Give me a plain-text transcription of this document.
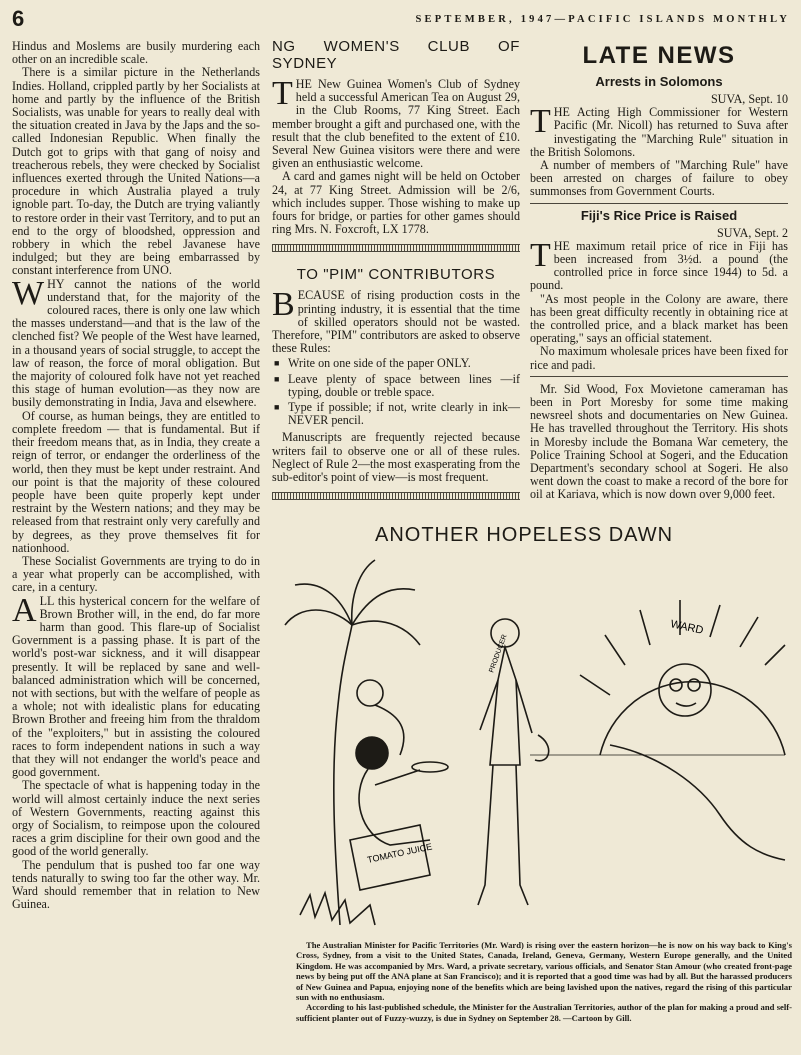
6	SEPTEMBER, 1947—PACIFIC ISLANDS MONTHLY

Hindus and Moslems are busily murdering each other on an incredible scale.

There is a similar picture in the Netherlands Indies. Holland, crippled partly by her Socialists at home and partly by the influence of the British Socialists, was unable for years to really deal with the situation created in Java by the Japs and the so-called Indonesian Republic. When finally the Dutch got to grips with that gang of noisy and treacherous rebels, they were checked by Socialist influences exerted through the United Nations—a procedure in which Australia played a truly ignoble part. To-day, the Dutch are trying valiantly to restore order in their vast Territory, and to put an end to the orgy of bloodshed, oppression and robbery in which the rebel Javanese have indulged; but they are being embarrassed by constant interference from UNO.

WHY cannot the nations of the world understand that, for the majority of the coloured races, there is only one law which the masses understand—and that is the law of the clenched fist? We people of the West have learned, in a thousand years of social struggle, to accept the law of reason, the force of moral obligation. But the majority of coloured folk have not yet reached this stage of human evolution—as they now are busily demonstrating in India, Java and elsewhere.

Of course, as human beings, they are entitled to complete freedom — that is fundamental. But if their freedom means that, as in India, they create a reign of terror, or endanger the orderliness of the world, then they must be kept under restraint. And our point is that the majority of these coloured people have been quite properly kept under restraint by the Western nations; and they may be released from that restraint only very carefully and by degrees, as they prove themselves fit for nationhood.

These Socialist Governments are trying to do in a year what properly can be accomplished, with care, in a century.

ALL this hysterical concern for the welfare of Brown Brother will, in the end, do far more harm than good. This flare-up of Socialist Government is a passing phase. It is part of the world's post-war sickness, and it will disappear presently. It will be replaced by sane and well-balanced administration which will be concerned, not with sections, but with the welfare of people as a whole; not with idealistic plans for educating Brown Brother and freeing him from the thraldom of the "exploiters," but in assisting the coloured races to form independent nations in such a way that they will not endanger the world's peace and good government.

The spectacle of what is happening today in the world will almost certainly induce the next series of Western Governments, reacting against this orgy of Socialism, to reimpose upon the coloured races a grim discipline for their own good and the good of the world generally.

The pendulum that is pushed too far one way tends naturally to swing too far the other way. Mr. Ward should remember that in relation to New Guinea.

NG WOMEN'S CLUB OF SYDNEY

THE New Guinea Women's Club of Sydney held a successful American Tea on August 29, in the Club Rooms, 77 King Street. Each member brought a gift and purchased one, with the result that the club benefited to the extent of £10. Several New Guinea visitors were there and were given an enthusiastic welcome.

A card and games night will be held on October 24, at 77 King Street. Admission will be 2/6, which includes supper. Those wishing to make up fours for bridge, or parties for other games should ring Mrs. N. Foxcroft, LX 1778.

TO "PIM" CONTRIBUTORS

BECAUSE of rising production costs in the printing industry, it is essential that the time of skilled operators should not be wasted. Therefore, "PIM" contributors are asked to observe these Rules:

■ Write on one side of the paper ONLY.
■ Leave plenty of space between lines —if typing, double or treble space.
■ Type if possible; if not, write clearly in ink—NEVER pencil.

Manuscripts are frequently rejected because writers fail to observe one or all of these rules. Neglect of Rule 2—the most exasperating from the sub-editor's point of view—is most frequent.

LATE NEWS
Arrests in Solomons

SUVA, Sept. 10

THE Acting High Commissioner for Western Pacific (Mr. Nicoll) has returned to Suva after investigating the "Marching Rule" situation in the British Solomons.

A number of members of "Marching Rule" have been arrested on charges of failure to obey summonses from Government Courts.

Fiji's Rice Price is Raised

SUVA, Sept. 2

THE maximum retail price of rice in Fiji has been increased from 3½d. a pound (the controlled price in force since 1944) to 5d. a pound.

"As most people in the Colony are aware, there has been great difficulty recently in obtaining rice at the controlled price, and a black market has been operating," says an official statement.

No maximum wholesale prices have been fixed for rice and padi.

Mr. Sid Wood, Fox Movietone cameraman has been in Port Moresby for some time making newsreel shots and documentaries on New Guinea. He has travelled throughout the Territory. His shots in Moresby include the Bomana War cemetery, the Police Training School at Sogeri, and the Education Department's secondary school at Sogeri. He also went down the coast to make a record of the bore for oil at Kariava, which is now down over 9,000 feet.

ANOTHER HOPELESS DAWN
WARD
PRODUCER
TOMATO JUICE

The Australian Minister for Pacific Territories (Mr. Ward) is rising over the eastern horizon—he is now on his way back to King's Cross, Sydney, from a visit to the United States, Canada, Ireland, Geneva, Germany, Western Europe generally, and the United Kingdom. He was accompanied by Mrs. Ward, a private secretary, various officials, and Senator Stan Amour (who created front-page news by being put off the ANA plane at San Francisco); and it is reported that a good time was had by all. But the harassed producers of New Guinea and Papua, enjoying none of the benefits which are being lavished upon the natives, regard the rising of this particular sun with no enthusiasm.

According to his last-published schedule, the Minister for the Australian Territories, author of the plan for making a proud and self-sufficient planter out of Fuzzy-wuzzy, is due in Sydney on September 28. —Cartoon by Gill.
